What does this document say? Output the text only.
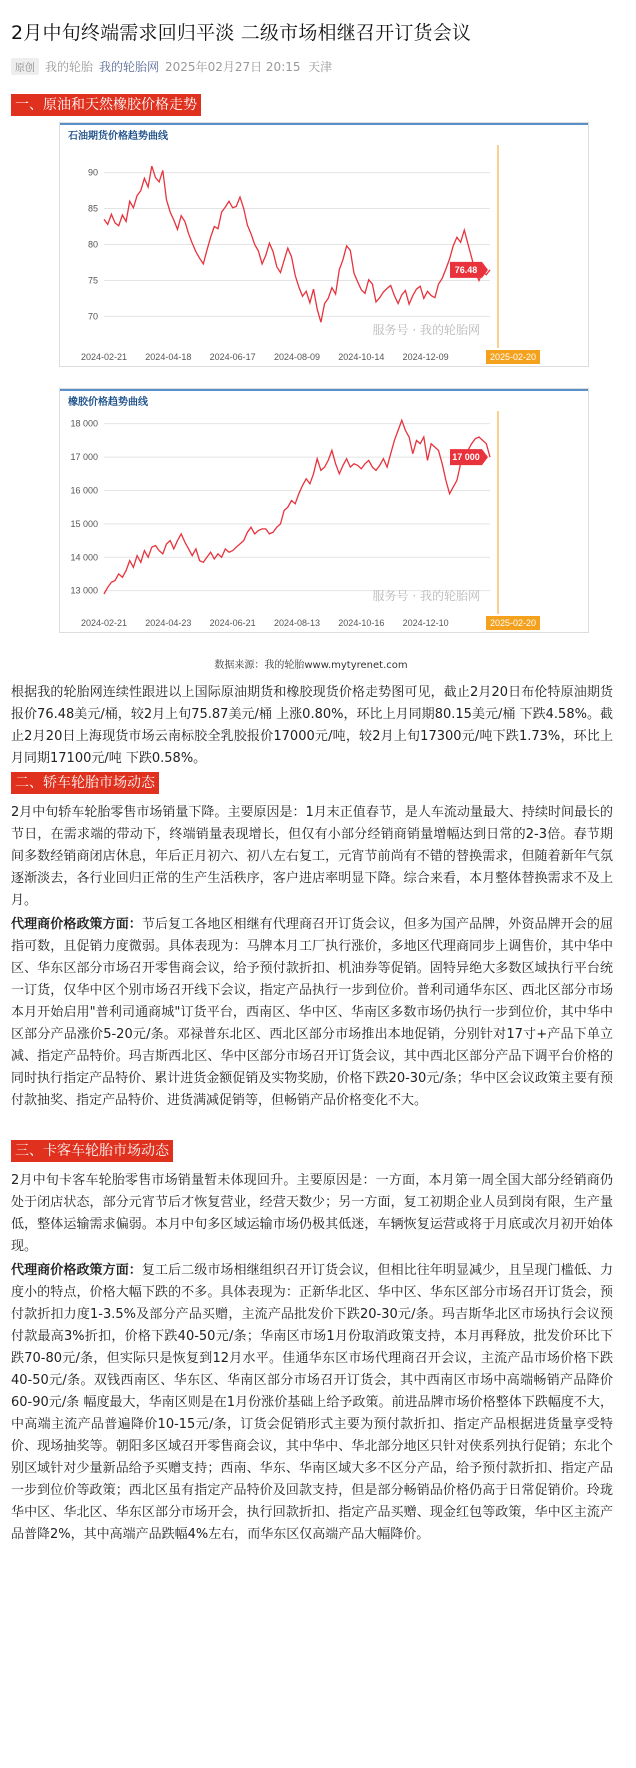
2月中旬终端需求回归平淡 二级市场相继召开订货会议
原创 我的轮胎 我的轮胎网 2025年02月27日 20:15 天津
一、原油和天然橡胶价格走势
石油期货价格趋势曲线
70
75
80
85
90
2024-02-21 2024-04-18 2024-06-17 2024-08-09 2024-10-14 2024-12-09	2025-02-20
76.48
服务号 · 我的轮胎网
橡胶价格趋势曲线
13 000
14 000
15 000
16 000
17 000
18 000
2024-02-21 2024-04-23 2024-06-21 2024-08-13 2024-10-16 2024-12-10	2025-02-20
17 000
服务号 · 我的轮胎网
数据来源：我的轮胎www.mytyrenet.com
根据我的轮胎网连续性跟进以上国际原油期货和橡胶现货价格走势图可见，截止2月20日布伦特原油期货报价76.48美元/桶，较2月上旬75.87美元/桶 上涨0.80%，环比上月同期80.15美元/桶 下跌4.58%。截止2月20日上海现货市场云南标胶全乳胶报价17000元/吨，较2月上旬17300元/吨下跌1.73%，环比上月同期17100元/吨 下跌0.58%。
二、轿车轮胎市场动态
2月中旬轿车轮胎零售市场销量下降。主要原因是：1月末正值春节，是人车流动量最大、持续时间最长的节日，在需求端的带动下，终端销量表现增长，但仅有小部分经销商销量增幅达到日常的2-3倍。春节期间多数经销商闭店休息，年后正月初六、初八左右复工，元宵节前尚有不错的替换需求，但随着新年气氛逐渐淡去，各行业回归正常的生产生活秩序，客户进店率明显下降。综合来看，本月整体替换需求不及上月。
代理商价格政策方面：节后复工各地区相继有代理商召开订货会议，但多为国产品牌，外资品牌开会的屈指可数，且促销力度微弱。具体表现为：马牌本月工厂执行涨价，多地区代理商同步上调售价，其中华中区、华东区部分市场召开零售商会议，给予预付款折扣、机油券等促销。固特异绝大多数区域执行平台统一订货，仅华中区个别市场召开线下会议，指定产品执行一步到位价。普利司通华东区、西北区部分市场本月开始启用"普利司通商城"订货平台，西南区、华中区、华南区多数市场仍执行一步到位价，其中华中区部分产品涨价5-20元/条。邓禄普东北区、西北区部分市场推出本地促销，分别针对17寸+产品下单立减、指定产品特价。玛吉斯西北区、华中区部分市场召开订货会议，其中西北区部分产品下调平台价格的同时执行指定产品特价、累计进货金额促销及实物奖励，价格下跌20-30元/条；华中区会议政策主要有预付款抽奖、指定产品特价、进货满减促销等，但畅销产品价格变化不大。
三、卡客车轮胎市场动态
2月中旬卡客车轮胎零售市场销量暂未体现回升。主要原因是：一方面，本月第一周全国大部分经销商仍处于闭店状态，部分元宵节后才恢复营业，经营天数少；另一方面，复工初期企业人员到岗有限，生产量低，整体运输需求偏弱。本月中旬多区域运输市场仍极其低迷，车辆恢复运营或将于月底或次月初开始体现。
代理商价格政策方面：复工后二级市场相继组织召开订货会议，但相比往年明显减少，且呈现门槛低、力度小的特点，价格大幅下跌的不多。具体表现为：正新华北区、华中区、华东区部分市场召开订货会，预付款折扣力度1-3.5%及部分产品买赠，主流产品批发价下跌20-30元/条。玛吉斯华北区市场执行会议预付款最高3%折扣，价格下跌40-50元/条；华南区市场1月份取消政策支持，本月再释放，批发价环比下跌70-80元/条，但实际只是恢复到12月水平。佳通华东区市场代理商召开会议，主流产品市场价格下跌40-50元/条。双钱西南区、华东区、华南区部分市场召开订货会，其中西南区市场中高端畅销产品降价60-90元/条 幅度最大，华南区则是在1月份涨价基础上给予政策。前进品牌市场价格整体下跌幅度不大，中高端主流产品普遍降价10-15元/条，订货会促销形式主要为预付款折扣、指定产品根据进货量享受特价、现场抽奖等。朝阳多区域召开零售商会议，其中华中、华北部分地区只针对侠系列执行促销；东北个别区域针对少量新品给予买赠支持；西南、华东、华南区域大多不区分产品，给予预付款折扣、指定产品一步到位价等政策；西北区虽有指定产品特价及回款支持，但是部分畅销品价格仍高于日常促销价。玲珑华中区、华北区、华东区部分市场开会，执行回款折扣、指定产品买赠、现金红包等政策，华中区主流产品普降2%，其中高端产品跌幅4%左右，而华东区仅高端产品大幅降价。
